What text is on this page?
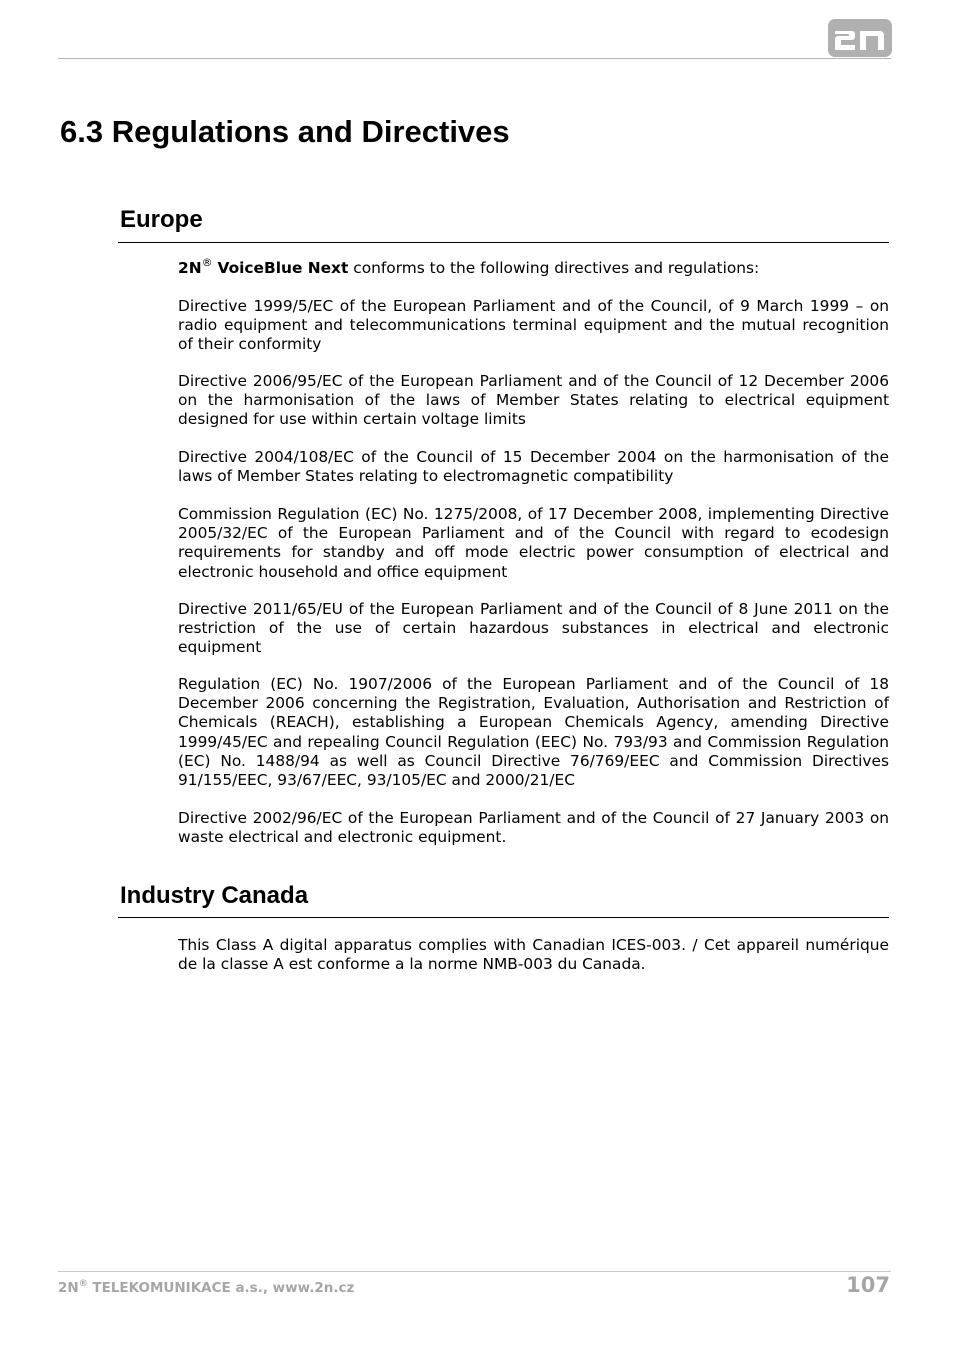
6.3 Regulations and Directives
Europe

2N® VoiceBlue Next conforms to the following directives and regulations:

Directive 1999/5/EC of the European Parliament and of the Council, of 9 March 1999 – on radio equipment and telecommunications terminal equipment and the mutual recognition of their conformity

Directive 2006/95/EC of the European Parliament and of the Council of 12 December 2006 on the harmonisation of the laws of Member States relating to electrical equipment designed for use within certain voltage limits

Directive 2004/108/EC of the Council of 15 December 2004 on the harmonisation of the laws of Member States relating to electromagnetic compatibility

Commission Regulation (EC) No. 1275/2008, of 17 December 2008, implementing Directive 2005/32/EC of the European Parliament and of the Council with regard to ecodesign requirements for standby and off mode electric power consumption of electrical and electronic household and office equipment

Directive 2011/65/EU of the European Parliament and of the Council of 8 June 2011 on the restriction of the use of certain hazardous substances in electrical and electronic equipment

Regulation (EC) No. 1907/2006 of the European Parliament and of the Council of 18 December 2006 concerning the Registration, Evaluation, Authorisation and Restriction of Chemicals (REACH), establishing a European Chemicals Agency, amending Directive 1999/45/EC and repealing Council Regulation (EEC) No. 793/93 and Commission Regulation (EC) No. 1488/94 as well as Council Directive 76/769/EEC and Commission Directives 91/155/EEC, 93/67/EEC, 93/105/EC and 2000/21/EC

Directive 2002/96/EC of the European Parliament and of the Council of 27 January 2003 on waste electrical and electronic equipment.

Industry Canada

This Class A digital apparatus complies with Canadian ICES-003. / Cet appareil numérique de la classe A est conforme a la norme NMB-003 du Canada.

2N® TELEKOMUNIKACE a.s., www.2n.cz	107
